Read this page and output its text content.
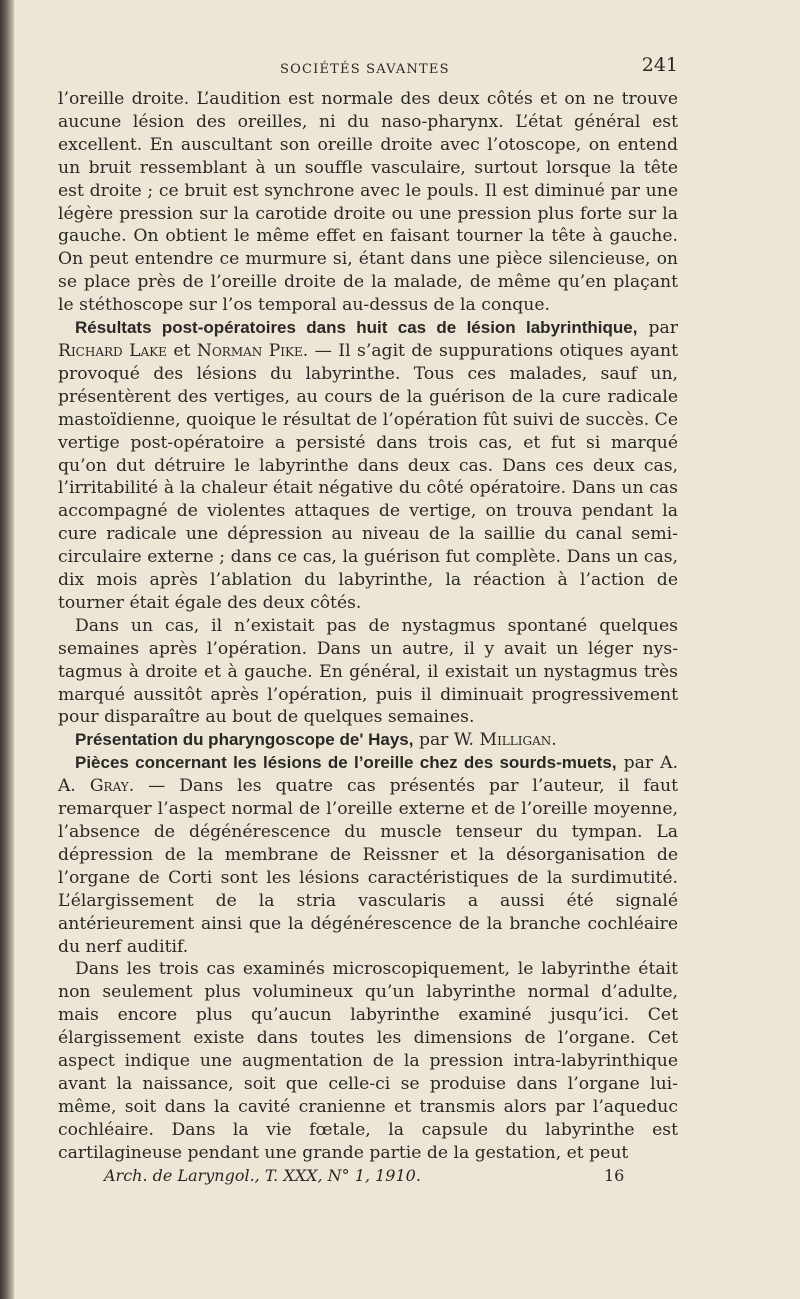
SOCIÉTÉS SAVANTES	241

l’oreille droite. L’audition est normale des deux côtés et on ne trouve aucune lésion des oreilles, ni du naso-pharynx. L’état général est excellent. En auscultant son oreille droite avec l’otoscope, on entend un bruit ressemblant à un souffle vasculaire, surtout lorsque la tête est droite ; ce bruit est synchrone avec le pouls. Il est diminué par une légère pression sur la carotide droite ou une pression plus forte sur la gauche. On obtient le même effet en faisant tourner la tête à gauche. On peut entendre ce murmure si, étant dans une pièce silencieuse, on se place près de l’oreille droite de la malade, de même qu’en plaçant le stéthoscope sur l’os temporal au-dessus de la conque.

Résultats post-opératoires dans huit cas de lésion labyrinthique, par Richard Lake et Norman Pike. — Il s’agit de suppurations otiques ayant provoqué des lésions du labyrinthe. Tous ces malades, sauf un, présentèrent des vertiges, au cours de la guérison de la cure radicale mastoïdienne, quoique le résultat de l’opération fût suivi de succès. Ce vertige post-opératoire a persisté dans trois cas, et fut si marqué qu’on dut détruire le labyrinthe dans deux cas. Dans ces deux cas, l’irritabilité à la chaleur était négative du côté opératoire. Dans un cas accompagné de violentes attaques de vertige, on trouva pendant la cure radicale une dépression au niveau de la saillie du canal semi-circulaire externe ; dans ce cas, la guérison fut complète. Dans un cas, dix mois après l’ablation du labyrinthe, la réaction à l’action de tourner était égale des deux côtés.

Dans un cas, il n’existait pas de nystagmus spontané quelques semaines après l’opération. Dans un autre, il y avait un léger nystagmus à droite et à gauche. En général, il existait un nystagmus très marqué aussitôt après l’opération, puis il diminuait progressivement pour disparaître au bout de quelques semaines.

Présentation du pharyngoscope de' Hays, par W. Milligan.

Pièces concernant les lésions de l’oreille chez des sourds-muets, par A. A. Gray. — Dans les quatre cas présentés par l’auteur, il faut remarquer l’aspect normal de l’oreille externe et de l’oreille moyenne, l’absence de dégénérescence du muscle tenseur du tympan. La dépression de la membrane de Reissner et la désorganisation de l’organe de Corti sont les lésions caractéristiques de la surdimutité. L’élargissement de la stria vascularis a aussi été signalé antérieurement ainsi que la dégénérescence de la branche cochléaire du nerf auditif.

Dans les trois cas examinés microscopiquement, le labyrinthe était non seulement plus volumineux qu’un labyrinthe normal d’adulte, mais encore plus qu’aucun labyrinthe examiné jusqu’ici. Cet élargissement existe dans toutes les dimensions de l’organe. Cet aspect indique une augmentation de la pression intra-labyrinthique avant la naissance, soit que celle-ci se produise dans l’organe lui-même, soit dans la cavité cranienne et transmis alors par l’aqueduc cochléaire. Dans la vie fœtale, la capsule du labyrinthe est cartilagineuse pendant une grande partie de la gestation, et peut

Arch. de Laryngol., T. XXX, N° 1, 1910.	16
